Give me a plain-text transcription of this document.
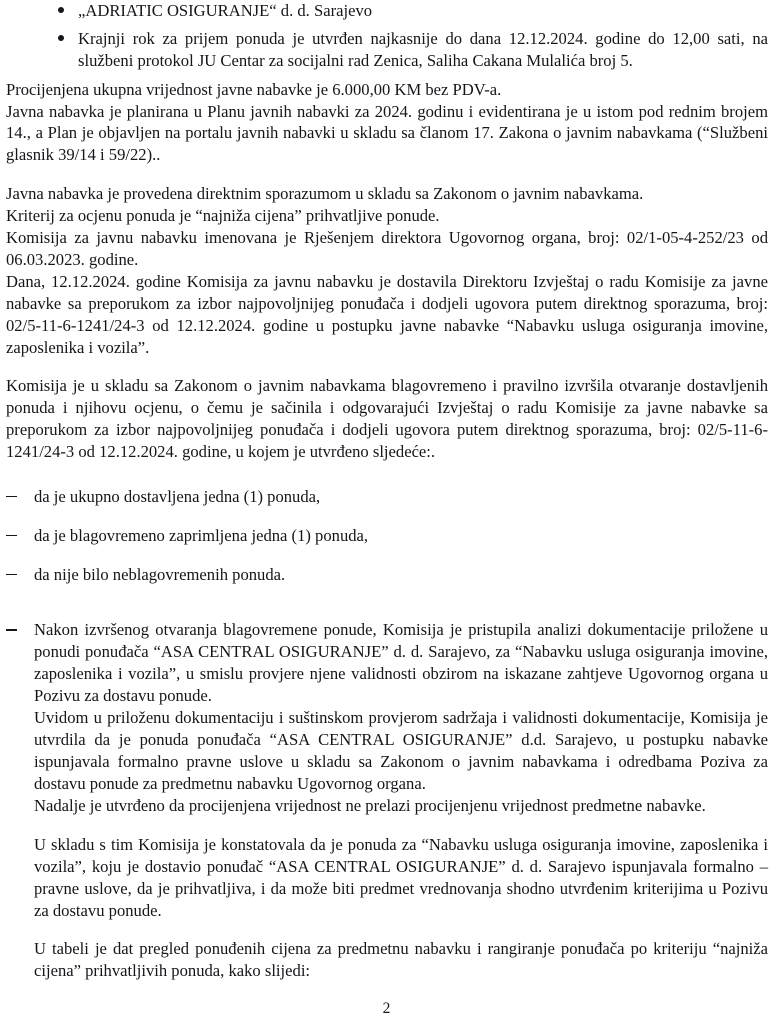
„ADRIATIC OSIGURANJE“ d. d. Sarajevo
Krajnji rok za prijem ponuda je utvrđen najkasnije do dana 12.12.2024. godine do 12,00 sati, na službeni protokol JU Centar za socijalni rad Zenica, Saliha Cakana Mulalića broj 5.

Procijenjena ukupna vrijednost javne nabavke je 6.000,00 KM bez PDV-a.

Javna nabavka je planirana u Planu javnih nabavki za 2024. godinu i evidentirana je u istom pod rednim brojem 14., a Plan je objavljen na portalu javnih nabavki u skladu sa članom 17. Zakona o javnim nabavkama (“Službeni glasnik 39/14 i 59/22)..

Javna nabavka je provedena direktnim sporazumom u skladu sa Zakonom o javnim nabavkama.

Kriterij za ocjenu ponuda je “najniža cijena” prihvatljive ponude.

Komisija za javnu nabavku imenovana je Rješenjem direktora Ugovornog organa, broj: 02/1-05-4-252/23 od 06.03.2023. godine.

Dana, 12.12.2024. godine Komisija za javnu nabavku je dostavila Direktoru Izvještaj o radu Komisije za javne nabavke sa preporukom za izbor najpovoljnijeg ponuđača i dodjeli ugovora putem direktnog sporazuma, broj: 02/5-11-6-1241/24-3 od 12.12.2024. godine u postupku javne nabavke “Nabavku usluga osiguranja imovine, zaposlenika i vozila”.

Komisija je u skladu sa Zakonom o javnim nabavkama blagovremeno i pravilno izvršila otvaranje dostavljenih ponuda i njihovu ocjenu, o čemu je sačinila i odgovarajući Izvještaj o radu Komisije za javne nabavke sa preporukom za izbor najpovoljnijeg ponuđača i dodjeli ugovora putem direktnog sporazuma, broj: 02/5-11-6-1241/24-3 od 12.12.2024. godine, u kojem je utvrđeno sljedeće:.

da je ukupno dostavljena jedna (1) ponuda,
da je blagovremeno zaprimljena jedna (1) ponuda,
da nije bilo neblagovremenih ponuda.
Nakon izvršenog otvaranja blagovremene ponude, Komisija je pristupila analizi dokumentacije priložene u ponudi ponuđača “ASA CENTRAL OSIGURANJE” d. d. Sarajevo, za “Nabavku usluga osiguranja imovine, zaposlenika i vozila”, u smislu provjere njene validnosti obzirom na iskazane zahtjeve Ugovornog organa u Pozivu za dostavu ponude.

Uvidom u priloženu dokumentaciju i suštinskom provjerom sadržaja i validnosti dokumentacije, Komisija je utvrdila da je ponuda ponuđača “ASA CENTRAL OSIGURANJE” d.d. Sarajevo, u postupku nabavke ispunjavala formalno pravne uslove u skladu sa Zakonom o javnim nabavkama i odredbama Poziva za dostavu ponude za predmetnu nabavku Ugovornog organa.

Nadalje je utvrđeno da procijenjena vrijednost ne prelazi procijenjenu vrijednost predmetne nabavke.

U skladu s tim Komisija je konstatovala da je ponuda za “Nabavku usluga osiguranja imovine, zaposlenika i vozila”, koju je dostavio ponuđač “ASA CENTRAL OSIGURANJE” d. d. Sarajevo ispunjavala formalno – pravne uslove, da je prihvatljiva, i da može biti predmet vrednovanja shodno utvrđenim kriterijima u Pozivu za dostavu ponude.

U tabeli je dat pregled ponuđenih cijena za predmetnu nabavku i rangiranje ponuđača po kriteriju “najniža cijena” prihvatljivih ponuda, kako slijedi:

2
